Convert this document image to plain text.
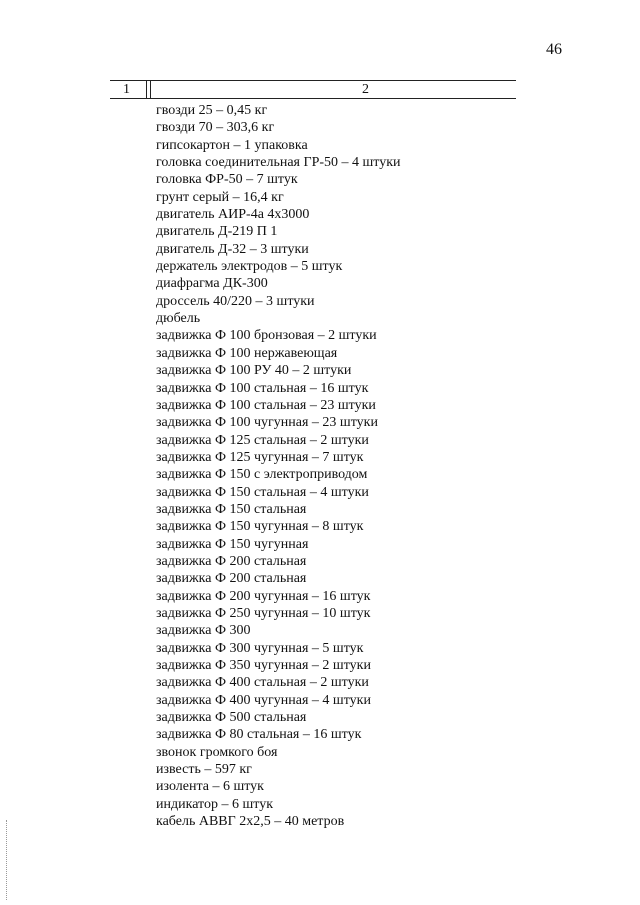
46
1	2
гвозди 25 – 0,45 кг
гвозди 70 – 303,6 кг
гипсокартон – 1 упаковка
головка соединительная ГР-50 – 4 штуки
головка ФР-50 – 7 штук
грунт серый – 16,4 кг
двигатель АИР-4а 4х3000
двигатель Д-219 П 1
двигатель Д-32 – 3 штуки
держатель электродов – 5 штук
диафрагма ДК-300
дроссель 40/220 – 3 штуки
дюбель
задвижка Ф 100 бронзовая – 2 штуки
задвижка Ф 100 нержавеющая
задвижка Ф 100 РУ 40 – 2 штуки
задвижка Ф 100 стальная – 16 штук
задвижка Ф 100 стальная – 23 штуки
задвижка Ф 100 чугунная – 23 штуки
задвижка Ф 125 стальная – 2 штуки
задвижка Ф 125 чугунная – 7 штук
задвижка Ф 150 с электроприводом
задвижка Ф 150 стальная – 4 штуки
задвижка Ф 150 стальная
задвижка Ф 150 чугунная – 8 штук
задвижка Ф 150 чугунная
задвижка Ф 200 стальная
задвижка Ф 200 стальная
задвижка Ф 200 чугунная – 16 штук
задвижка Ф 250 чугунная – 10 штук
задвижка Ф 300
задвижка Ф 300 чугунная – 5 штук
задвижка Ф 350 чугунная – 2 штуки
задвижка Ф 400 стальная – 2 штуки
задвижка Ф 400 чугунная – 4 штуки
задвижка Ф 500 стальная
задвижка Ф 80 стальная – 16 штук
звонок громкого боя
известь – 597 кг
изолента – 6 штук
индикатор – 6 штук
кабель АВВГ 2х2,5 – 40 метров
